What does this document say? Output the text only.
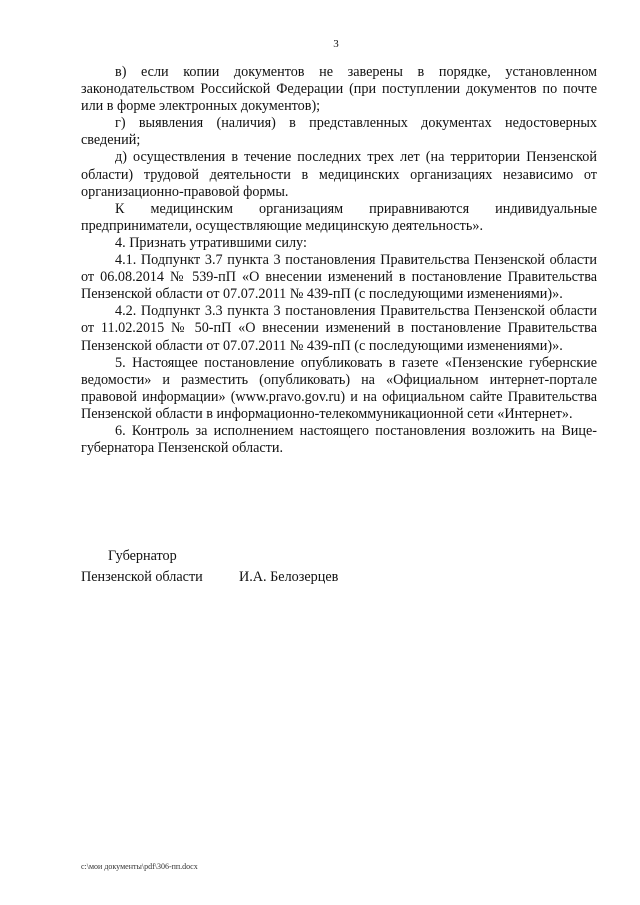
3

в) если копии документов не заверены в порядке, установленном законодательством Российской Федерации (при поступлении документов по почте или в форме электронных документов);

г) выявления (наличия) в представленных документах недостоверных сведений;

д) осуществления в течение последних трех лет (на территории Пензенской области) трудовой деятельности в медицинских организациях независимо от организационно-правовой формы.

К медицинским организациям приравниваются индивидуальные предприниматели, осуществляющие медицинскую деятельность».

4. Признать утратившими силу:

4.1. Подпункт 3.7 пункта 3 постановления Правительства Пензенской области от 06.08.2014 № 539-пП «О внесении изменений в постановление Правительства Пензенской области от 07.07.2011 № 439-пП (с последующими изменениями)».

4.2. Подпункт 3.3 пункта 3 постановления Правительства Пензенской области от 11.02.2015 № 50-пП «О внесении изменений в постановление Правительства Пензенской области от 07.07.2011 № 439-пП (с последующими изменениями)».

5. Настоящее постановление опубликовать в газете «Пензенские губернские ведомости» и разместить (опубликовать) на «Официальном интернет-портале правовой информации» (www.pravo.gov.ru) и на официальном сайте Правительства Пензенской области в информационно-телекоммуникационной сети «Интернет».

6. Контроль за исполнением настоящего постановления возложить на Вице-губернатора Пензенской области.

Губернатор
Пензенской области	И.А. Белозерцев
c:\мои документы\pdf\306-пп.docx
